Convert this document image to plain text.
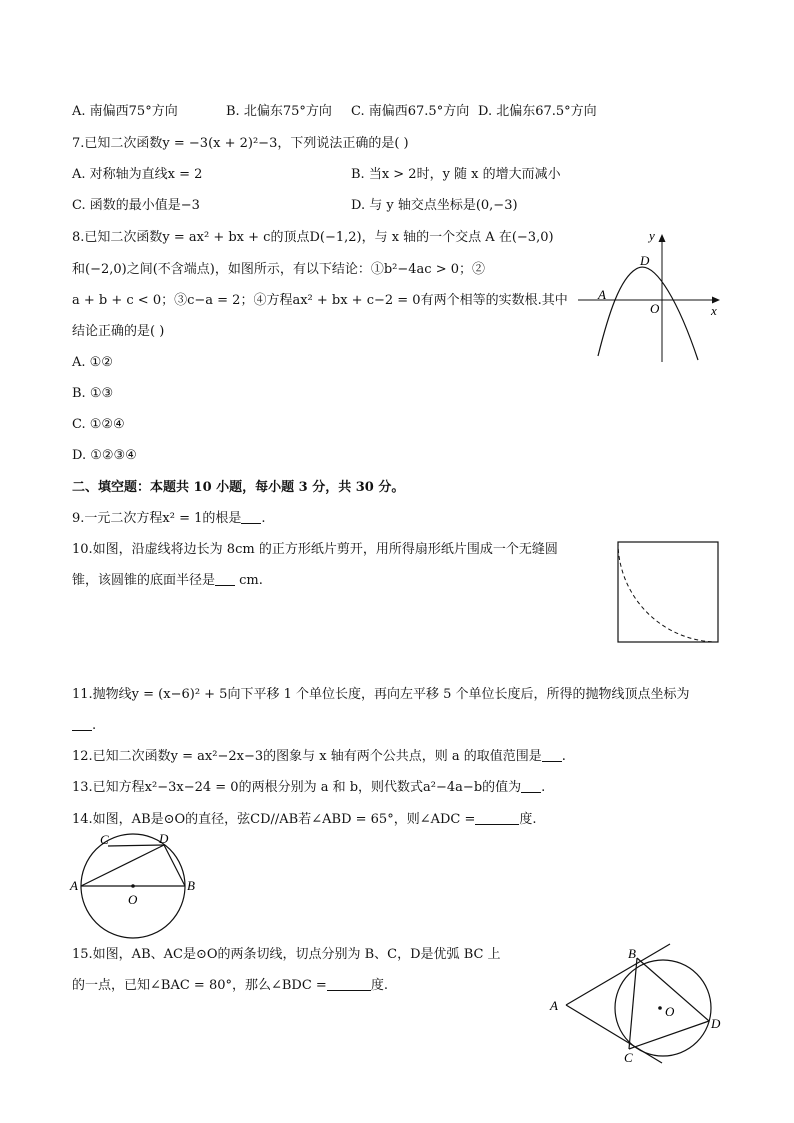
A. 南偏西75°方向	B. 北偏东75°方向 C. 南偏西67.5°方向 D. 北偏东67.5°方向
7.已知二次函数y = −3(x + 2)²−3，下列说法正确的是( )
A. 对称轴为直线x = 2	B. 当x > 2时，y 随 x 的增大而减小
C. 函数的最小值是−3	D. 与 y 轴交点坐标是(0,−3)
8.已知二次函数y = ax² + bx + c的顶点D(−1,2)，与 x 轴的一个交点 A 在(−3,0)
和(−2,0)之间(不含端点)，如图所示，有以下结论：①b²−4ac > 0；②
a + b + c < 0；③c−a = 2；④方程ax² + bx + c−2 = 0有两个相等的实数根.其中
结论正确的是( )
A. ①②
B. ①③
C. ①②④
D. ①②③④
y
x
D
A
O
二、填空题：本题共 10 小题，每小题 3 分，共 30 分。
9.一元二次方程x² = 1的根是 .
10.如图，沿虚线将边长为 8cm 的正方形纸片剪开，用所得扇形纸片围成一个无缝圆
锥，该圆锥的底面半径是 cm.
11.抛物线y = (x−6)² + 5向下平移 1 个单位长度，再向左平移 5 个单位长度后，所得的抛物线顶点坐标为
.
12.已知二次函数y = ax²−2x−3的图象与 x 轴有两个公共点，则 a 的取值范围是 .
13.已知方程x²−3x−24 = 0的两根分别为 a 和 b，则代数式a²−4a−b的值为 .
14.如图，AB是⊙O的直径，弦CD//AB若∠ABD = 65°，则∠ADC =	度.
C	D
A	B
O
15.如图，AB、AC是⊙O的两条切线，切点分别为 B、C，D是优弧 BC 上
的一点，已知∠BAC = 80°，那么∠BDC =	度.
B
A	O
D
C
